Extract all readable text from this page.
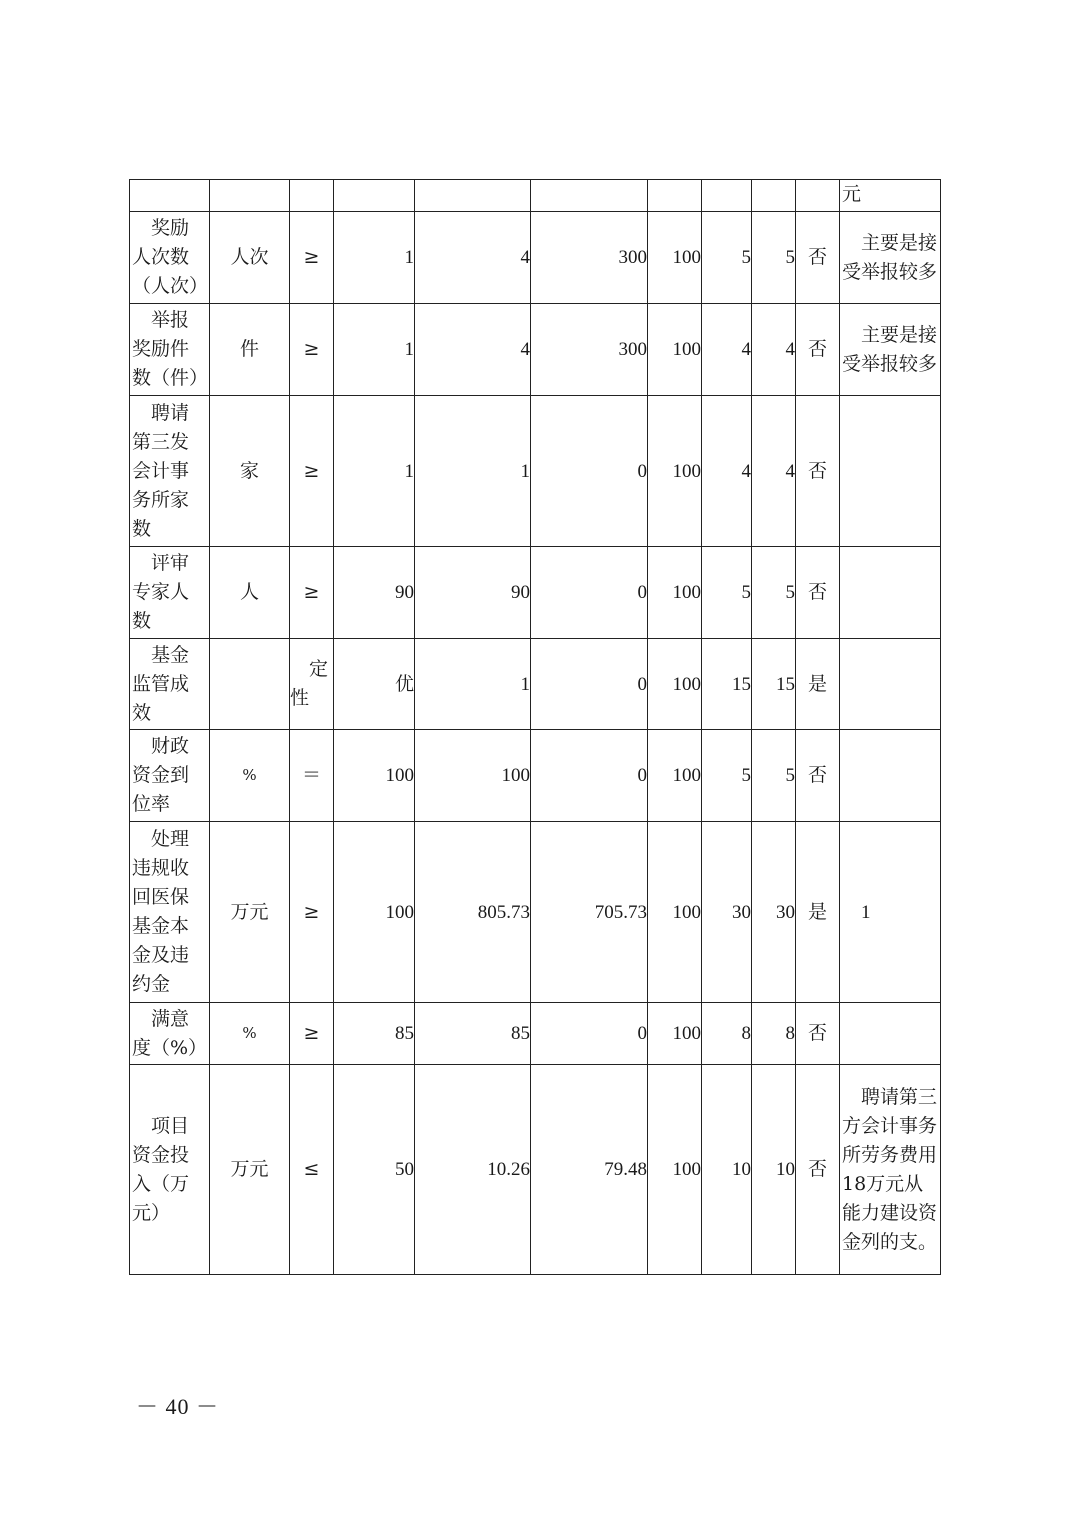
										元

奖励人次数（人次）	人次	≥	1	4	300	100	5	5	否	主要是接受举报较多

举报奖励件数（件）	件	≥	1	4	300	100	4	4	否	主要是接受举报较多

聘请第三发会计事务所家数	家	≥	1	1	0	100	4	4	否	

评审专家人数	人	≥	90	90	0	100	5	5	否	

基金监管成效		定性	优	1	0	100	15	15	是	

财政资金到位率	%	＝	100	100	0	100	5	5	否	

处理违规收回医保基金本金及违约金	万元	≥	100	805.73	705.73	100	30	30	是	1

满意度（%）	%	≥	85	85	0	100	8	8	否	

项目资金投入（万元）	万元	≤	50	10.26	79.48	100	10	10	否	聘请第三方会计事务所劳务费用18万元从能力建设资金列的支。
－ 40 －
